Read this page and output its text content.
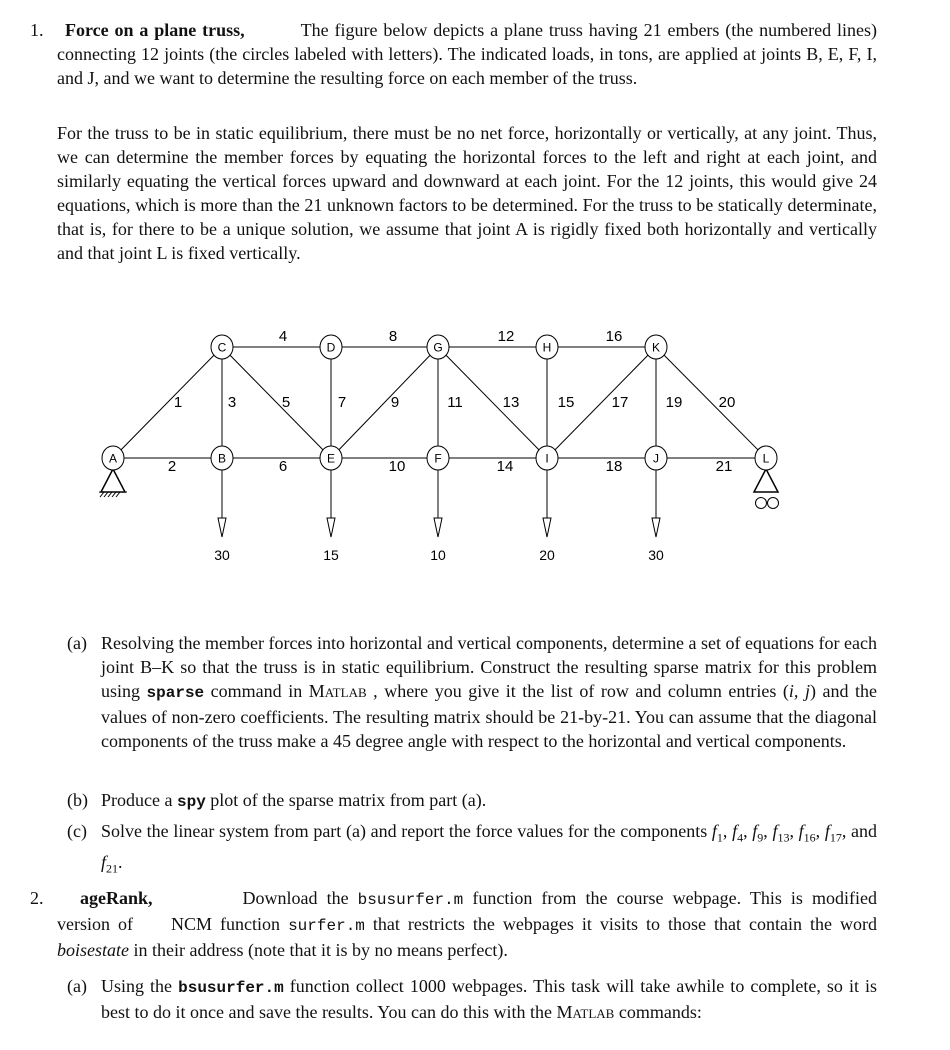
1.	Force on a plane truss,	The figure below depicts a plane truss having 21 embers (the numbered lines) connecting 12 joints (the circles labeled with letters). The indicated loads, in tons, are applied at joints B, E, F, I, and J, and we want to determine the resulting force on each member of the truss.
For the truss to be in static equilibrium, there must be no net force, horizontally or vertically, at any joint. Thus, we can determine the member forces by equating the horizontal forces to the left and right at each joint, and similarly equating the vertical forces upward and downward at each joint. For the 12 joints, this would give 24 equations, which is more than the 21 unknown factors to be determined. For the truss to be statically determinate, that is, for there to be a unique solution, we assume that joint A is rigidly fixed both horizontally and vertically and that joint L is fixed vertically.
30	15	10	20	30
A	B
C	D
E	F
G	H
I	J
K
L
1
2
3
4
5
6
7
8
9
10
11
12
13
14
15
16
17
18
19 20
21
(a) Resolving the member forces into horizontal and vertical components, determine a set of equations for each joint B–K so that the truss is in static equilibrium. Construct the resulting sparse matrix for this problem using sparse command in Matlab , where you give it the list of row and column entries (i, j) and the values of non-zero coefficients. The resulting matrix should be 21-by-21. You can assume that the diagonal components of the truss make a 45 degree angle with respect to the horizontal and vertical components.
(b) Produce a spy plot of the sparse matrix from part (a).
(c) Solve the linear system from part (a) and report the force values for the components $f_1$, $f_4$, $f_9$, $f_{13}$, $f_{16}$, $f_{17}$, and $f_{21}$.
2.	ageRank,	Download the bsusurfer.m function from the course webpage. This is modified version of NCM function surfer.m that restricts the webpages it visits to those that contain the word boisestate in their address (note that it is by no means perfect).
(a) Using the bsusurfer.m function collect 1000 webpages. This task will take awhile to complete, so it is best to do it once and save the results. You can do this with the Matlab commands:
